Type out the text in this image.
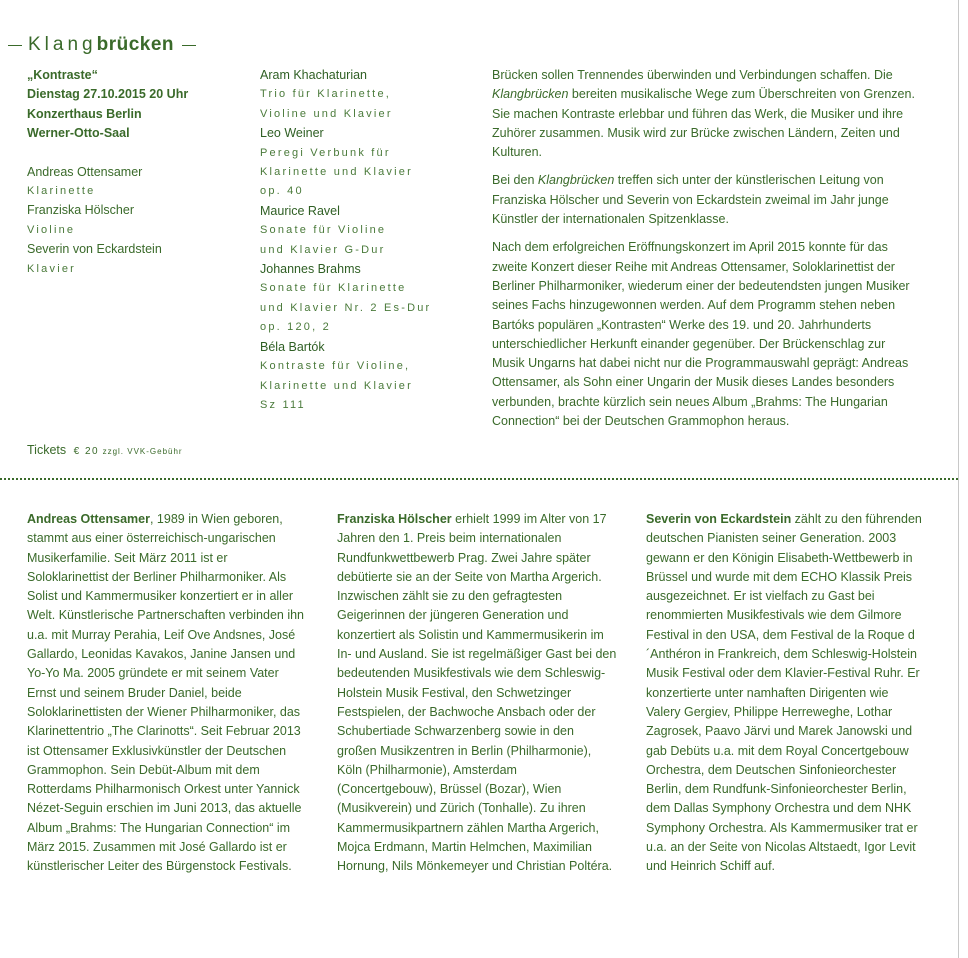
Klangbrücken

„Kontraste“

Dienstag 27.10.2015 20 Uhr

Konzerthaus Berlin

Werner-Otto-Saal

Andreas Ottensamer

Klarinette

Franziska Hölscher

Violine

Severin von Eckardstein

Klavier

Aram Khachaturian

Trio für Klarinette,

Violine und Klavier

Leo Weiner

Peregi Verbunk für

Klarinette und Klavier

op. 40

Maurice Ravel

Sonate für Violine

und Klavier G-Dur

Johannes Brahms

Sonate für Klarinette

und Klavier Nr. 2 Es-Dur

op. 120, 2

Béla Bartók

Kontraste für Violine,

Klarinette und Klavier

Sz 111

Brücken sollen Trennendes überwinden und Verbindungen schaffen. Die Klangbrücken bereiten musikalische Wege zum Überschreiten von Grenzen. Sie machen Kontraste erlebbar und führen das Werk, die Musiker und ihre Zuhörer zusammen. Musik wird zur Brücke zwischen Ländern, Zeiten und Kulturen.

Bei den Klangbrücken treffen sich unter der künstlerischen Leitung von Franziska Hölscher und Severin von Eckardstein zweimal im Jahr junge Künstler der internationalen Spitzenklasse.

Nach dem erfolgreichen Eröffnungskonzert im April 2015 konnte für das zweite Konzert dieser Reihe mit Andreas Ottensamer, Soloklarinettist der Berliner Philharmoniker, wiederum einer der bedeutendsten jungen Musiker seines Fachs hinzugewonnen werden. Auf dem Programm stehen neben Bartóks populären „Kontrasten“ Werke des 19. und 20. Jahrhunderts unterschiedlicher Herkunft einander gegenüber. Der Brückenschlag zur Musik Ungarns hat dabei nicht nur die Programmauswahl geprägt: Andreas Ottensamer, als Sohn einer Ungarin der Musik dieses Landes besonders verbunden, brachte kürzlich sein neues Album „Brahms: The Hungarian Connection“ bei der Deutschen Grammophon heraus.

Tickets € 20 zzgl. VVK-Gebühr
Andreas Ottensamer, 1989 in Wien geboren, stammt aus einer österreichisch-ungarischen Musikerfamilie. Seit März 2011 ist er Soloklarinettist der Berliner Philharmoniker. Als Solist und Kammermusiker konzertiert er in aller Welt. Künstlerische Partnerschaften verbinden ihn u.a. mit Murray Perahia, Leif Ove Andsnes, José Gallardo, Leonidas Kavakos, Janine Jansen und Yo-Yo Ma. 2005 gründete er mit seinem Vater Ernst und seinem Bruder Daniel, beide Soloklarinettisten der Wiener Philharmoniker, das Klarinettentrio „The Clarinotts“. Seit Februar 2013 ist Ottensamer Exklusivkünstler der Deutschen Grammophon. Sein Debüt-Album mit dem Rotterdams Philharmonisch Orkest unter Yannick Nézet-Seguin erschien im Juni 2013, das aktuelle Album „Brahms: The Hungarian Connection“ im März 2015. Zusammen mit José Gallardo ist er künstlerischer Leiter des Bürgenstock Festivals.
Franziska Hölscher erhielt 1999 im Alter von 17 Jahren den 1. Preis beim internationalen Rundfunkwettbewerb Prag. Zwei Jahre später debütierte sie an der Seite von Martha Argerich. Inzwischen zählt sie zu den gefragtesten Geigerinnen der jüngeren Generation und konzertiert als Solistin und Kammermusikerin im In- und Ausland. Sie ist regelmäßiger Gast bei den bedeutenden Musikfestivals wie dem Schleswig-Holstein Musik Festival, den Schwetzinger Festspielen, der Bachwoche Ansbach oder der Schubertiade Schwarzenberg sowie in den großen Musikzentren in Berlin (Philharmonie), Köln (Philharmonie), Amsterdam (Concertgebouw), Brüssel (Bozar), Wien (Musikverein) und Zürich (Tonhalle). Zu ihren Kammermusikpartnern zählen Martha Argerich, Mojca Erdmann, Martin Helmchen, Maximilian Hornung, Nils Mönkemeyer und Christian Poltéra.
Severin von Eckardstein zählt zu den führenden deutschen Pianisten seiner Generation. 2003 gewann er den Königin Elisabeth-Wettbewerb in Brüssel und wurde mit dem ECHO Klassik Preis ausgezeichnet. Er ist vielfach zu Gast bei renommierten Musikfestivals wie dem Gilmore Festival in den USA, dem Festival de la Roque d´Anthéron in Frankreich, dem Schleswig-Holstein Musik Festival oder dem Klavier-Festival Ruhr. Er konzertierte unter namhaften Dirigenten wie Valery Gergiev, Philippe Herreweghe, Lothar Zagrosek, Paavo Järvi und Marek Janowski und gab Debüts u.a. mit dem Royal Concertgebouw Orchestra, dem Deutschen Sinfonieorchester Berlin, dem Rundfunk-Sinfonieorchester Berlin, dem Dallas Symphony Orchestra und dem NHK Symphony Orchestra. Als Kammermusiker trat er u.a. an der Seite von Nicolas Altstaedt, Igor Levit und Heinrich Schiff auf.
